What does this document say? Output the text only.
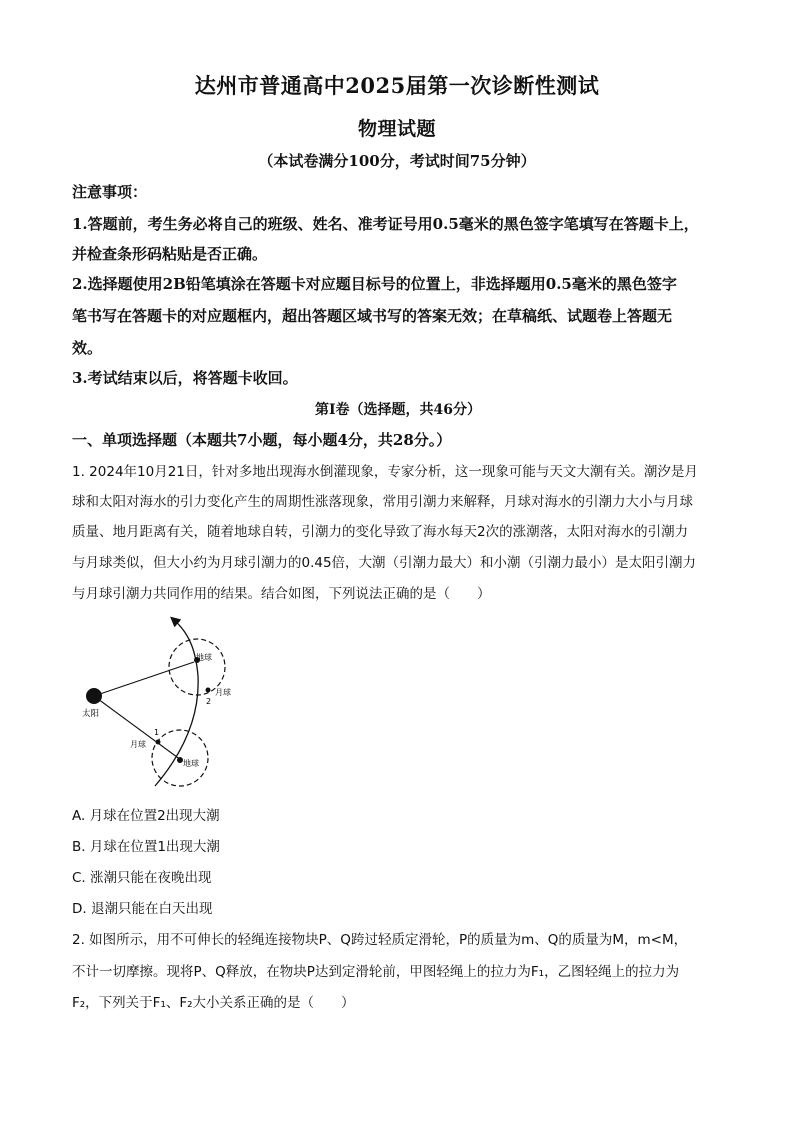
达州市普通高中2025届第一次诊断性测试
物理试题
（本试卷满分100分，考试时间75分钟）
注意事项：
1.答题前，考生务必将自己的班级、姓名、准考证号用0.5毫米的黑色签字笔填写在答题卡上，
并检查条形码粘贴是否正确。
2.选择题使用2B铅笔填涂在答题卡对应题目标号的位置上，非选择题用0.5毫米的黑色签字
笔书写在答题卡的对应题框内，超出答题区域书写的答案无效；在草稿纸、试题卷上答题无
效。
3.考试结束以后，将答题卡收回。
第Ⅰ卷（选择题，共46分）
一、单项选择题（本题共7小题，每小题4分，共28分。）
1. 2024年10月21日，针对多地出现海水倒灌现象，专家分析，这一现象可能与天文大潮有关。潮汐是月
球和太阳对海水的引力变化产生的周期性涨落现象，常用引潮力来解释，月球对海水的引潮力大小与月球
质量、地月距离有关，随着地球自转，引潮力的变化导致了海水每天2次的涨潮落，太阳对海水的引潮力
与月球类似，但大小约为月球引潮力的0.45倍，大潮（引潮力最大）和小潮（引潮力最小）是太阳引潮力
与月球引潮力共同作用的结果。结合如图，下列说法正确的是（　　）
太阳
地球
月球
2
1
月球
地球
A. 月球在位置2出现大潮
B. 月球在位置1出现大潮
C. 涨潮只能在夜晚出现
D. 退潮只能在白天出现
2. 如图所示，用不可伸长的轻绳连接物块P、Q跨过轻质定滑轮，P的质量为m、Q的质量为M，m<M，
不计一切摩擦。现将P、Q释放，在物块P达到定滑轮前，甲图轻绳上的拉力为F₁，乙图轻绳上的拉力为
F₂，下列关于F₁、F₂大小关系正确的是（　　）
